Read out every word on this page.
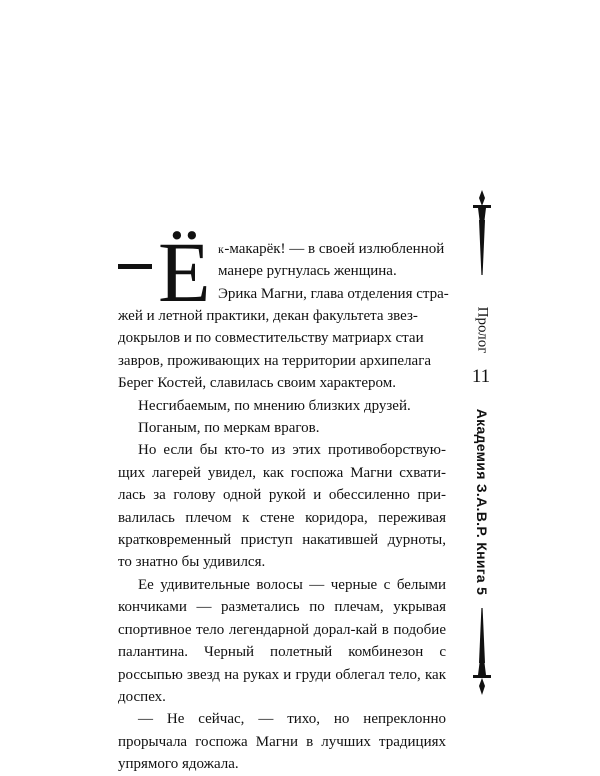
Ё к-макарёк! — в своей излюбленной
манере ругнулась женщина.
Эрика Магни, глава отделения стра-

жей и летной практики, декан факультета звез-

докрылов и по совместительству матриарх стаи

завров, проживающих на территории архипелага

Берег Костей, славилась своим характером.

Несгибаемым, по мнению близких друзей.

Поганым, по меркам врагов.

Но если бы кто-то из этих противоборствующих лагерей увидел, как госпожа Магни схватилась за голову одной рукой и обессиленно привалилась плечом к стене коридора, переживая кратковременный приступ накатившей дурноты, то знатно бы удивился.

Ее удивительные волосы — черные с белыми кончиками — разметались по плечам, укрывая спортивное тело легендарной дорал-кай в подобие палантина. Черный полетный комбинезон с россыпью звезд на руках и груди облегал тело, как доспех.

— Не сейчас, — тихо, но непреклонно прорычала госпожа Магни в лучших традициях упрямого ядожала.

Пролог
11
Академия З.А.В.Р. Книга 5
